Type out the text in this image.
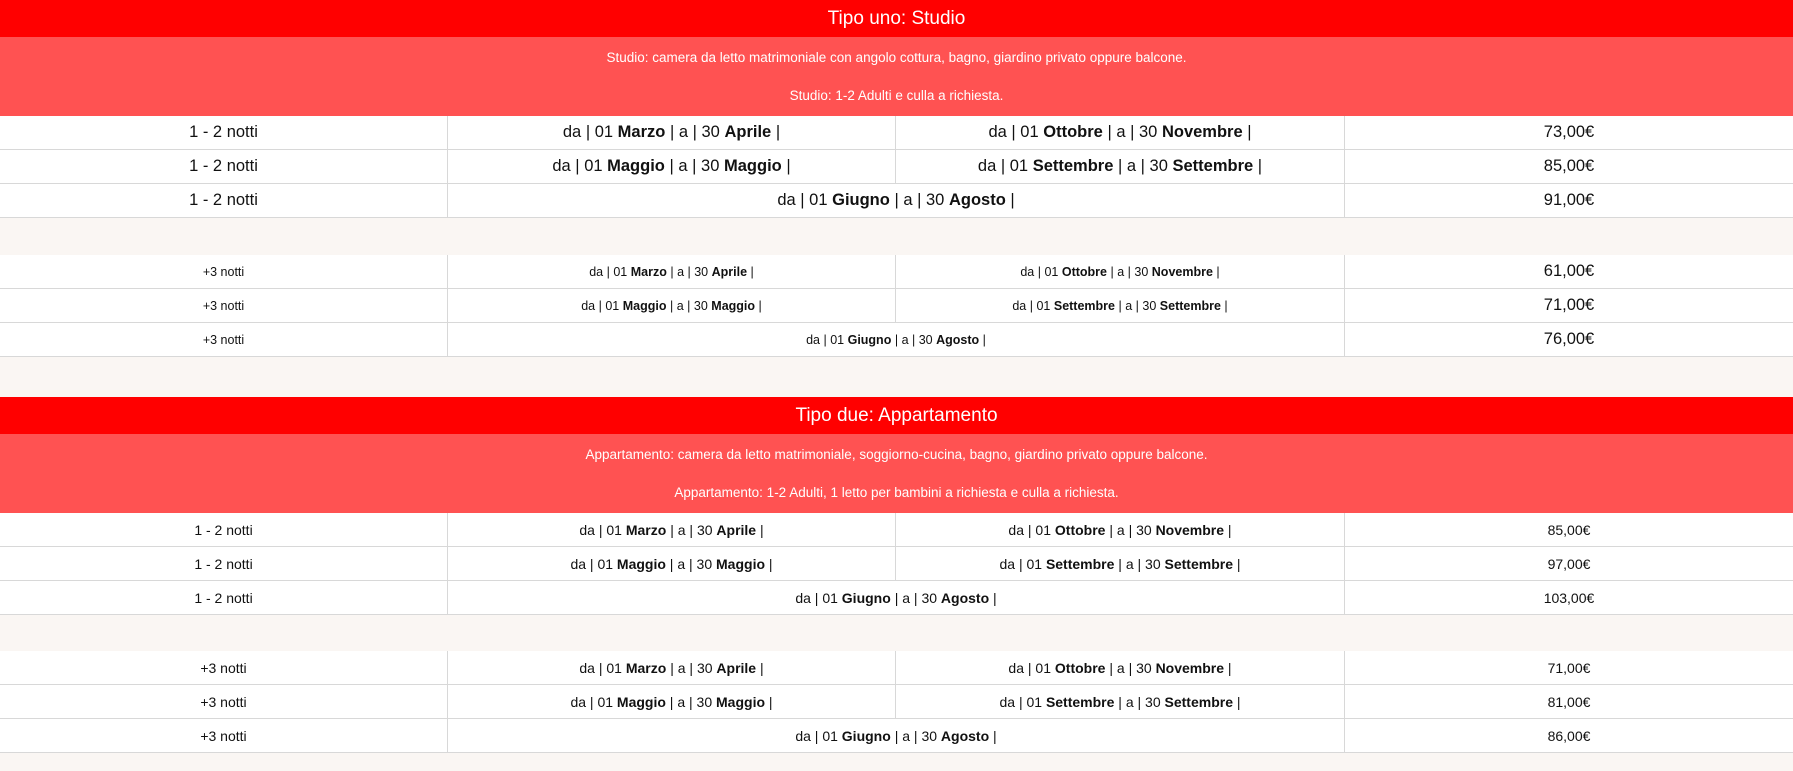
Tipo uno: Studio
Studio: camera da letto matrimoniale con angolo cottura, bagno, giardino privato oppure balcone.
Studio: 1-2 Adulti e culla a richiesta.
1 - 2 notti	da
|
01
Marzo
|
a
|
30
Aprile
|	da
|
01
Ottobre
|
a
|
30
Novembre
|	73,00€
1 - 2 notti	da
|
01
Maggio
|
a
|
30
Maggio
|	da
|
01
Settembre
|
a
|
30
Settembre
|	85,00€
1 - 2 notti	da
|
01
Giugno
|
a
|
30
Agosto
|	91,00€
+3 notti	da
|
01
Marzo
|
a
|
30
Aprile
|	da
|
01
Ottobre
|
a
|
30
Novembre
|	61,00€
+3 notti	da
|
01
Maggio
|
a
|
30
Maggio
|	da
|
01
Settembre
|
a
|
30
Settembre
|	71,00€
+3 notti	da
|
01
Giugno
|
a
|
30
Agosto
|	76,00€
Tipo due: Appartamento
Appartamento: camera da letto matrimoniale, soggiorno-cucina, bagno, giardino privato oppure balcone.
Appartamento: 1-2 Adulti, 1 letto per bambini a richiesta e culla a richiesta.
1 - 2 notti	da
|
01
Marzo
|
a
|
30
Aprile
|	da
|
01
Ottobre
|
a
|
30
Novembre
|	85,00€
1 - 2 notti	da
|
01
Maggio
|
a
|
30
Maggio
|	da
|
01
Settembre
|
a
|
30
Settembre
|	97,00€
1 - 2 notti	da
|
01
Giugno
|
a
|
30
Agosto
|	103,00€
+3 notti	da
|
01
Marzo
|
a
|
30
Aprile
|	da
|
01
Ottobre
|
a
|
30
Novembre
|	71,00€
+3 notti	da
|
01
Maggio
|
a
|
30
Maggio
|	da
|
01
Settembre
|
a
|
30
Settembre
|	81,00€
+3 notti	da
|
01
Giugno
|
a
|
30
Agosto
|	86,00€
